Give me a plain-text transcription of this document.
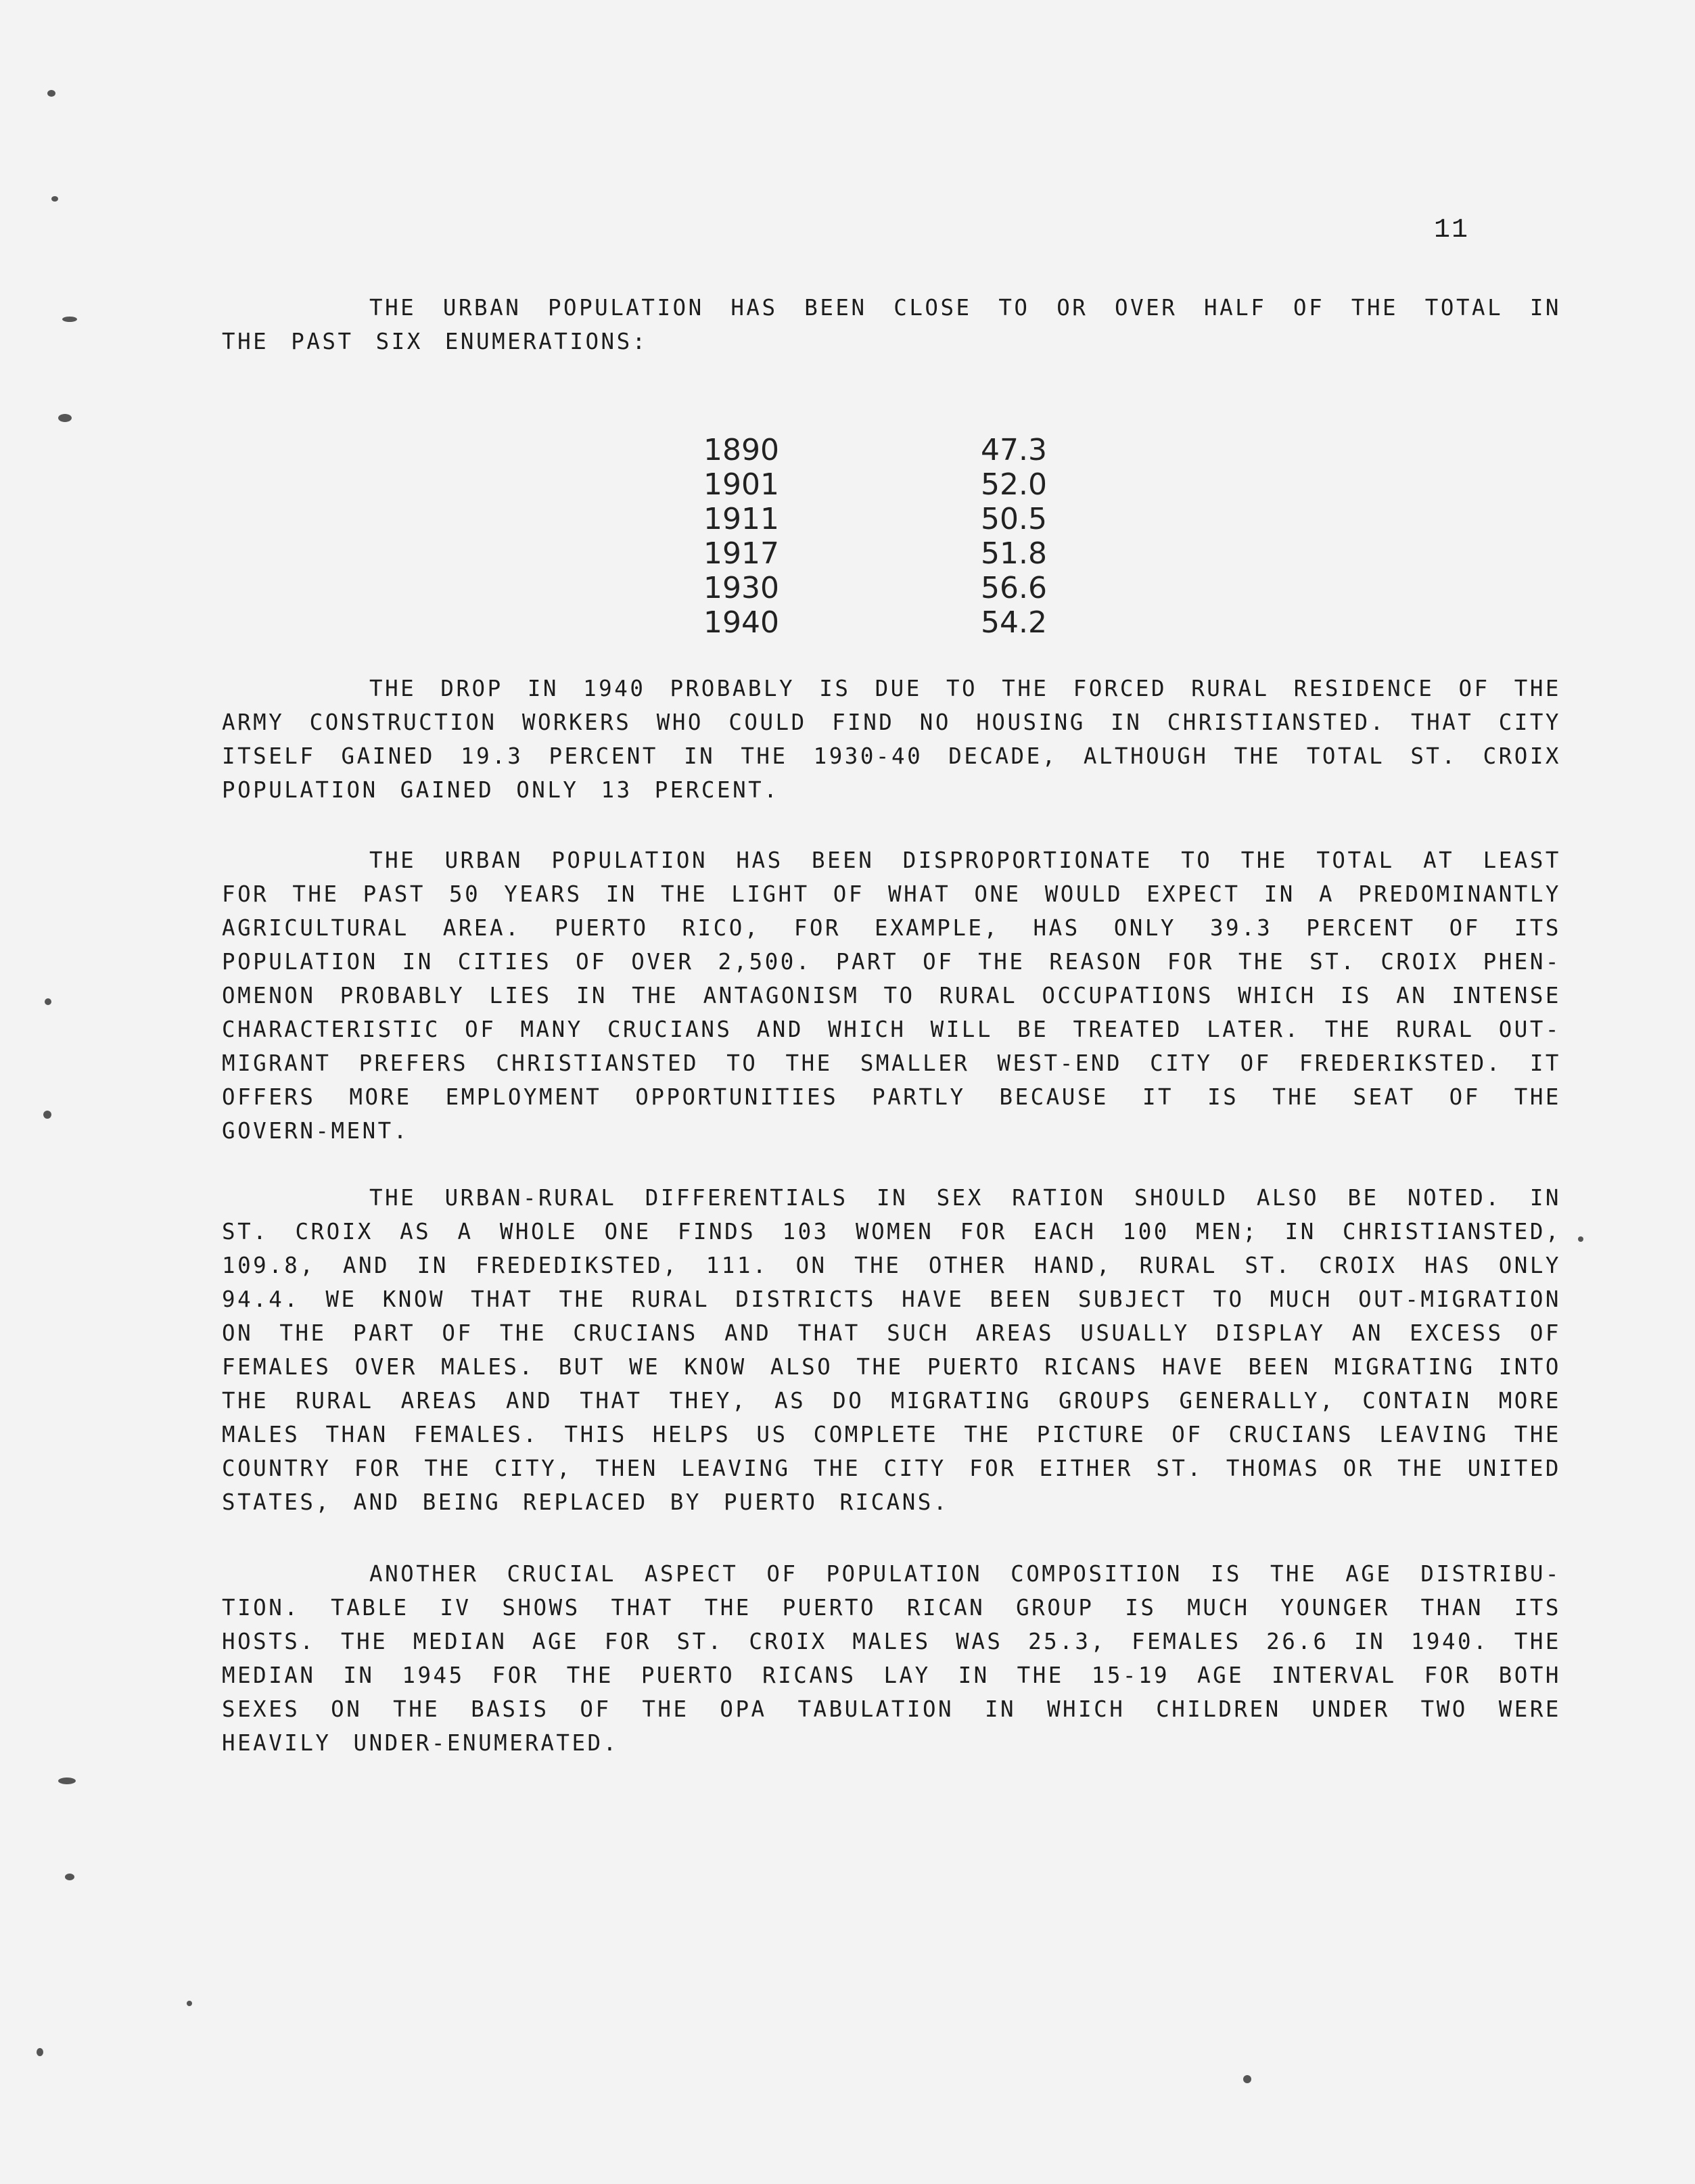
11

THE URBAN POPULATION HAS BEEN CLOSE TO OR OVER HALF OF THE TOTAL IN THE PAST SIX ENUMERATIONS:

1890	47.3
1901	52.0
1911	50.5
1917	51.8
1930	56.6
1940	54.2

THE DROP IN 1940 PROBABLY IS DUE TO THE FORCED RURAL RESIDENCE OF THE ARMY CONSTRUCTION WORKERS WHO COULD FIND NO HOUSING IN CHRISTIANSTED. THAT CITY ITSELF GAINED 19.3 PERCENT IN THE 1930-40 DECADE, ALTHOUGH THE TOTAL ST. CROIX POPULATION GAINED ONLY 13 PERCENT.

THE URBAN POPULATION HAS BEEN DISPROPORTIONATE TO THE TOTAL AT LEAST FOR THE PAST 50 YEARS IN THE LIGHT OF WHAT ONE WOULD EXPECT IN A PREDOMINANTLY AGRICULTURAL AREA. PUERTO RICO, FOR EXAMPLE, HAS ONLY 39.3 PERCENT OF ITS POPULATION IN CITIES OF OVER 2,500. PART OF THE REASON FOR THE ST. CROIX PHEN-OMENON PROBABLY LIES IN THE ANTAGONISM TO RURAL OCCUPATIONS WHICH IS AN INTENSE CHARACTERISTIC OF MANY CRUCIANS AND WHICH WILL BE TREATED LATER. THE RURAL OUT-MIGRANT PREFERS CHRISTIANSTED TO THE SMALLER WEST-END CITY OF FREDERIKSTED. IT OFFERS MORE EMPLOYMENT OPPORTUNITIES PARTLY BECAUSE IT IS THE SEAT OF THE GOVERN-MENT.

THE URBAN-RURAL DIFFERENTIALS IN SEX RATION SHOULD ALSO BE NOTED. IN ST. CROIX AS A WHOLE ONE FINDS 103 WOMEN FOR EACH 100 MEN; IN CHRISTIANSTED, 109.8, AND IN FREDEDIKSTED, 111. ON THE OTHER HAND, RURAL ST. CROIX HAS ONLY 94.4. WE KNOW THAT THE RURAL DISTRICTS HAVE BEEN SUBJECT TO MUCH OUT-MIGRATION ON THE PART OF THE CRUCIANS AND THAT SUCH AREAS USUALLY DISPLAY AN EXCESS OF FEMALES OVER MALES. BUT WE KNOW ALSO THE PUERTO RICANS HAVE BEEN MIGRATING INTO THE RURAL AREAS AND THAT THEY, AS DO MIGRATING GROUPS GENERALLY, CONTAIN MORE MALES THAN FEMALES. THIS HELPS US COMPLETE THE PICTURE OF CRUCIANS LEAVING THE COUNTRY FOR THE CITY, THEN LEAVING THE CITY FOR EITHER ST. THOMAS OR THE UNITED STATES, AND BEING REPLACED BY PUERTO RICANS.

ANOTHER CRUCIAL ASPECT OF POPULATION COMPOSITION IS THE AGE DISTRIBU-TION. TABLE IV SHOWS THAT THE PUERTO RICAN GROUP IS MUCH YOUNGER THAN ITS HOSTS. THE MEDIAN AGE FOR ST. CROIX MALES WAS 25.3, FEMALES 26.6 IN 1940. THE MEDIAN IN 1945 FOR THE PUERTO RICANS LAY IN THE 15-19 AGE INTERVAL FOR BOTH SEXES ON THE BASIS OF THE OPA TABULATION IN WHICH CHILDREN UNDER TWO WERE HEAVILY UNDER-ENUMERATED.
